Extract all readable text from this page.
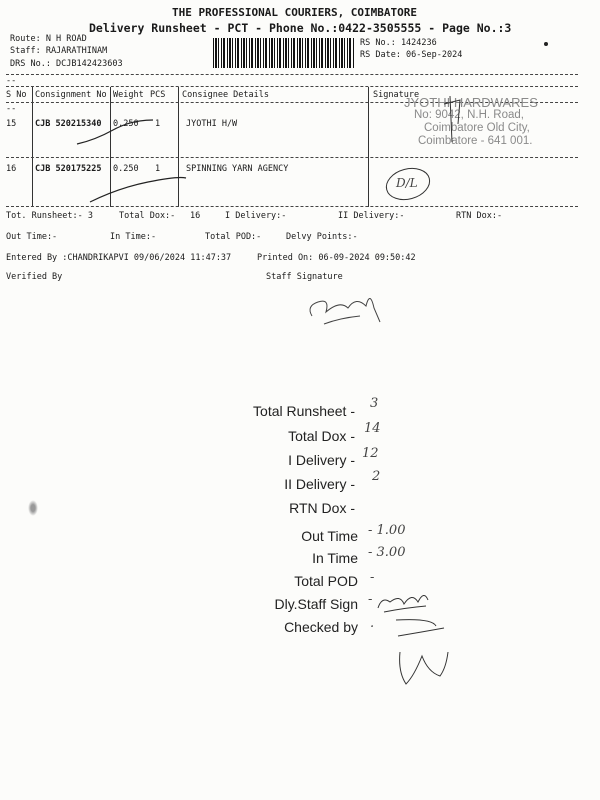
THE PROFESSIONAL COURIERS, COIMBATORE
Delivery Runsheet - PCT - Phone No.:0422-3505555 - Page No.:3
Route: N H ROAD
Staff: RAJARATHINAM
DRS No.: DCJB142423603
RS No.: 1424236
RS Date: 06-Sep-2024
--
S No Consignment No Weight PCS Consignee Details	Signature
--
15 CJB 520215340 0.250 1	JYOTHI H/W
JYOTHI HARDWARES
No: 9042, N.H. Road,
Coimbatore Old City,
Coimbatore - 641 001.
16 CJB 520175225 0.250 1	SPINNING YARN AGENCY
D/L
Tot. Runsheet:- 3	Total Dox:- 16	I Delivery:-	II Delivery:-	RTN Dox:-
Out Time:-	In Time:-	Total POD:-	Delvy Points:-
Entered By :CHANDRIKAPVI 09/06/2024 11:47:37	Printed On: 06-09-2024 09:50:42
Verified By	Staff Signature
Total Runsheet - 3
Total Dox - 14
I Delivery - 12
II Delivery - 2
RTN Dox -
Out Time - 1.00
In Time - 3.00
Total POD -
Dly.Staff Sign -
Checked by .
